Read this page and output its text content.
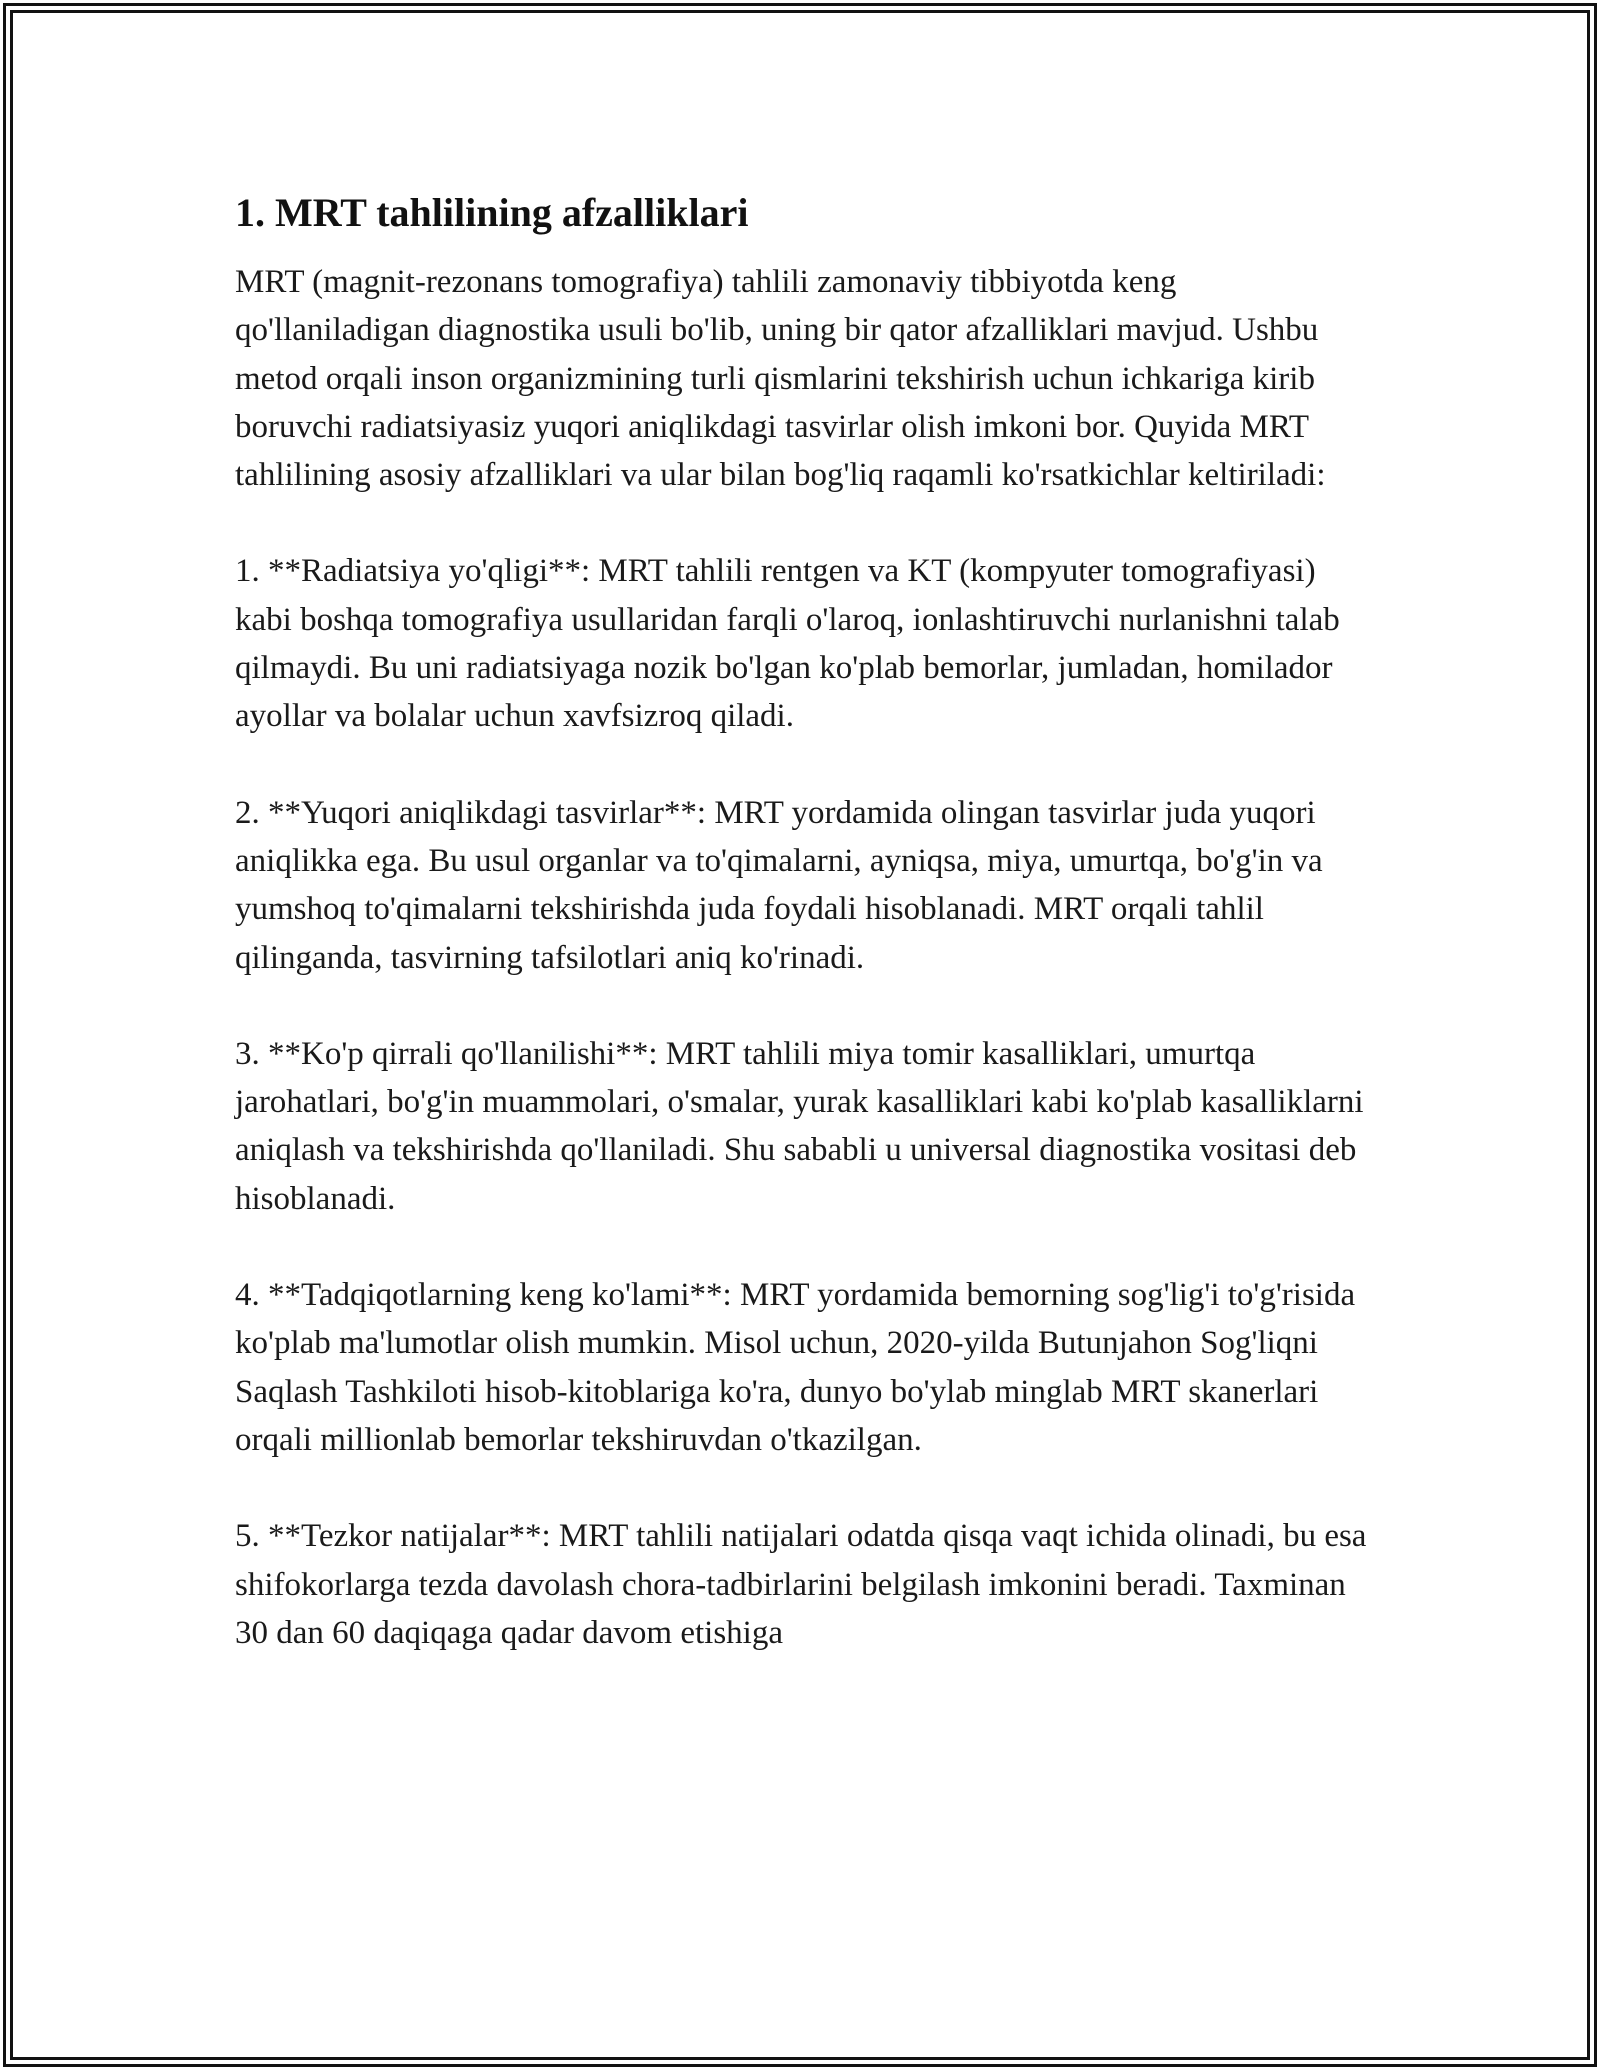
1. MRT tahlilining afzalliklari

MRT (magnit-rezonans tomografiya) tahlili zamonaviy tibbiyotda keng qo'llaniladigan diagnostika usuli bo'lib, uning bir qator afzalliklari mavjud. Ushbu metod orqali inson organizmining turli qismlarini tekshirish uchun ichkariga kirib boruvchi radiatsiyasiz yuqori aniqlikdagi tasvirlar olish imkoni bor. Quyida MRT tahlilining asosiy afzalliklari va ular bilan bog'liq raqamli ko'rsatkichlar keltiriladi:

1. **Radiatsiya yo'qligi**: MRT tahlili rentgen va KT (kompyuter tomografiyasi) kabi boshqa tomografiya usullaridan farqli o'laroq, ionlashtiruvchi nurlanishni talab qilmaydi. Bu uni radiatsiyaga nozik bo'lgan ko'plab bemorlar, jumladan, homilador ayollar va bolalar uchun xavfsizroq qiladi.

2. **Yuqori aniqlikdagi tasvirlar**: MRT yordamida olingan tasvirlar juda yuqori aniqlikka ega. Bu usul organlar va to'qimalarni, ayniqsa, miya, umurtqa, bo'g'in va yumshoq to'qimalarni tekshirishda juda foydali hisoblanadi. MRT orqali tahlil qilinganda, tasvirning tafsilotlari aniq ko'rinadi.

3. **Ko'p qirrali qo'llanilishi**: MRT tahlili miya tomir kasalliklari, umurtqa jarohatlari, bo'g'in muammolari, o'smalar, yurak kasalliklari kabi ko'plab kasalliklarni aniqlash va tekshirishda qo'llaniladi. Shu sababli u universal diagnostika vositasi deb hisoblanadi.

4. **Tadqiqotlarning keng ko'lami**: MRT yordamida bemorning sog'lig'i to'g'risida ko'plab ma'lumotlar olish mumkin. Misol uchun, 2020-yilda Butunjahon Sog'liqni Saqlash Tashkiloti hisob-kitoblariga ko'ra, dunyo bo'ylab minglab MRT skanerlari orqali millionlab bemorlar tekshiruvdan o'tkazilgan.

5. **Tezkor natijalar**: MRT tahlili natijalari odatda qisqa vaqt ichida olinadi, bu esa shifokorlarga tezda davolash chora-tadbirlarini belgilash imkonini beradi. Taxminan 30 dan 60 daqiqaga qadar davom etishiga
